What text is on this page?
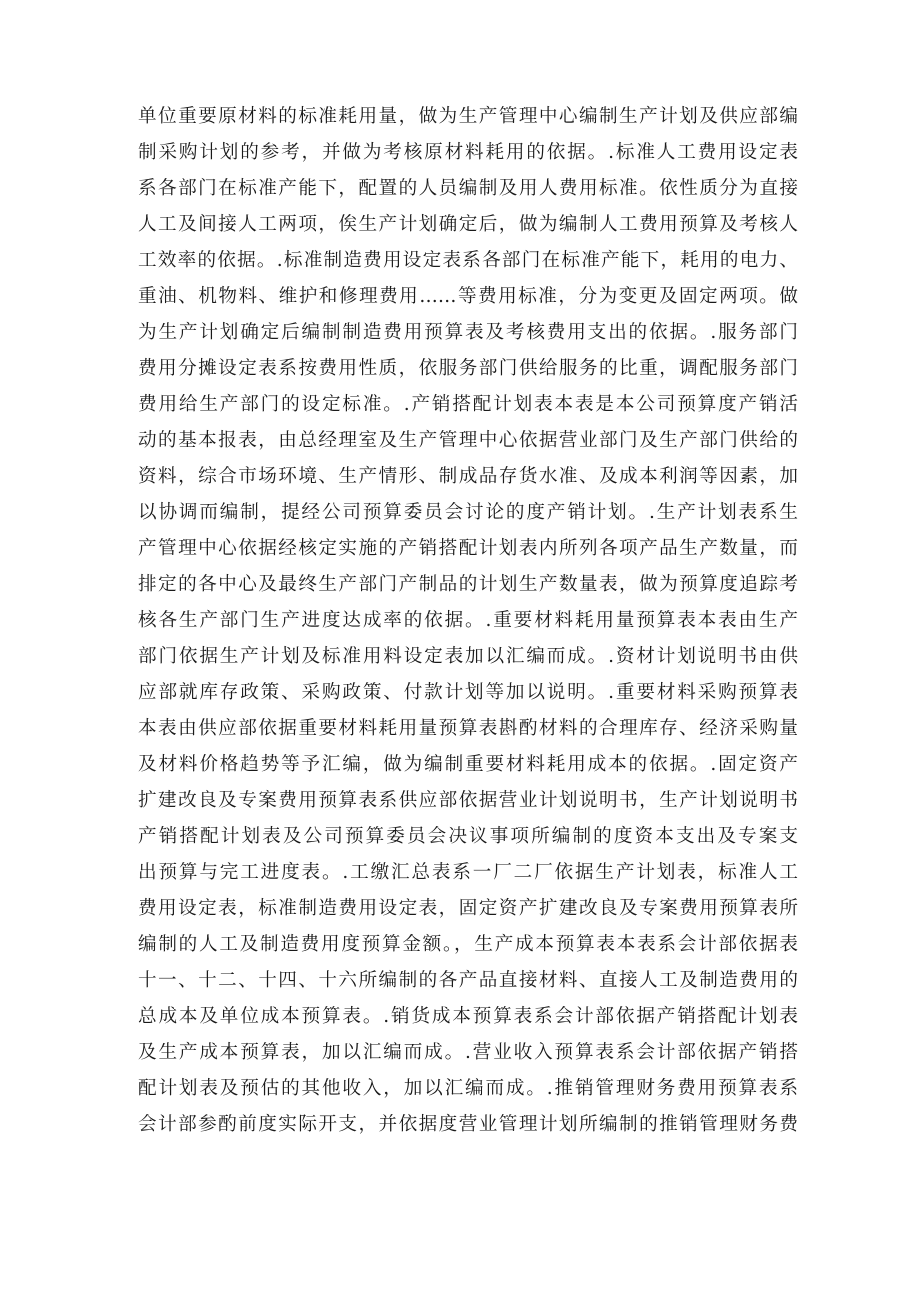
单位重要原材料的标准耗用量，做为生产管理中心编制生产计划及供应部编
制采购计划的参考，并做为考核原材料耗用的依据。.标准人工费用设定表
系各部门在标准产能下，配置的人员编制及用人费用标准。依性质分为直接
人工及间接人工两项，俟生产计划确定后，做为编制人工费用预算及考核人
工效率的依据。.标准制造费用设定表系各部门在标准产能下，耗用的电力、
重油、机物料、维护和修理费用……等费用标准，分为变更及固定两项。做
为生产计划确定后编制制造费用预算表及考核费用支出的依据。.服务部门
费用分摊设定表系按费用性质，依服务部门供给服务的比重，调配服务部门
费用给生产部门的设定标准。.产销搭配计划表本表是本公司预算度产销活
动的基本报表，由总经理室及生产管理中心依据营业部门及生产部门供给的
资料，综合市场环境、生产情形、制成品存货水准、及成本利润等因素，加
以协调而编制，提经公司预算委员会讨论的度产销计划。.生产计划表系生
产管理中心依据经核定实施的产销搭配计划表内所列各项产品生产数量，而
排定的各中心及最终生产部门产制品的计划生产数量表，做为预算度追踪考
核各生产部门生产进度达成率的依据。.重要材料耗用量预算表本表由生产
部门依据生产计划及标准用料设定表加以汇编而成。.资材计划说明书由供
应部就库存政策、采购政策、付款计划等加以说明。.重要材料采购预算表
本表由供应部依据重要材料耗用量预算表斟酌材料的合理库存、经济采购量
及材料价格趋势等予汇编，做为编制重要材料耗用成本的依据。.固定资产
扩建改良及专案费用预算表系供应部依据营业计划说明书，生产计划说明书
产销搭配计划表及公司预算委员会决议事项所编制的度资本支出及专案支
出预算与完工进度表。.工缴汇总表系一厂二厂依据生产计划表，标准人工
费用设定表，标准制造费用设定表，固定资产扩建改良及专案费用预算表所
编制的人工及制造费用度预算金额。，生产成本预算表本表系会计部依据表
十一、十二、十四、十六所编制的各产品直接材料、直接人工及制造费用的
总成本及单位成本预算表。.销货成本预算表系会计部依据产销搭配计划表
及生产成本预算表，加以汇编而成。.营业收入预算表系会计部依据产销搭
配计划表及预估的其他收入，加以汇编而成。.推销管理财务费用预算表系
会计部参酌前度实际开支，并依据度营业管理计划所编制的推销管理财务费
